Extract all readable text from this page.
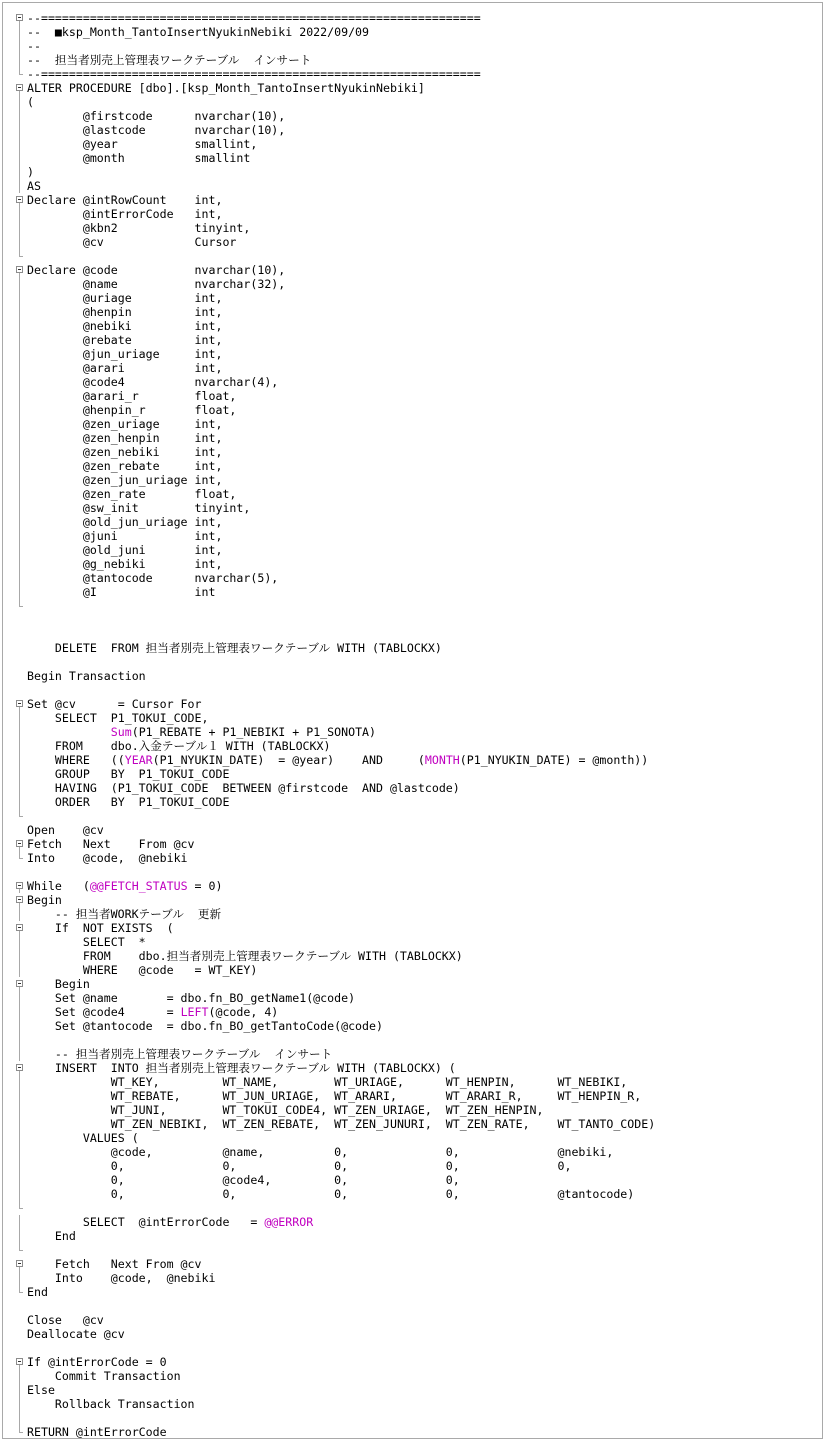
--===============================================================
--  ■ksp_Month_TantoInsertNyukinNebiki 2022/09/09
--
--  担当者別売上管理表ワークテーブル  インサート
--===============================================================
ALTER PROCEDURE [dbo].[ksp_Month_TantoInsertNyukinNebiki]
(
@firstcode      nvarchar(10),
@lastcode       nvarchar(10),
@year           smallint,
@month          smallint
)
AS
Declare @intRowCount    int,
@intErrorCode   int,
@kbn2           tinyint,
@cv             Cursor
Declare @code           nvarchar(10),
@name           nvarchar(32),
@uriage         int,
@henpin         int,
@nebiki         int,
@rebate         int,
@jun_uriage     int,
@arari          int,
@code4          nvarchar(4),
@arari_r        float,
@henpin_r       float,
@zen_uriage     int,
@zen_henpin     int,
@zen_nebiki     int,
@zen_rebate     int,
@zen_jun_uriage int,
@zen_rate       float,
@sw_init        tinyint,
@old_jun_uriage int,
@juni           int,
@old_juni       int,
@g_nebiki       int,
@tantocode      nvarchar(5),
@I              int
DELETE  FROM 担当者別売上管理表ワークテーブル WITH (TABLOCKX)
Begin Transaction
Set @cv      = Cursor For
SELECT  P1_TOKUI_CODE,
Sum(P1_REBATE + P1_NEBIKI + P1_SONOTA)
FROM    dbo.入金テーブル１ WITH (TABLOCKX)
WHERE   ((YEAR(P1_NYUKIN_DATE)  = @year)    AND     (MONTH(P1_NYUKIN_DATE) = @month))
GROUP   BY  P1_TOKUI_CODE
HAVING  (P1_TOKUI_CODE  BETWEEN @firstcode  AND @lastcode)
ORDER   BY  P1_TOKUI_CODE
Open    @cv
Fetch   Next    From @cv
Into    @code,  @nebiki
While   (@@FETCH_STATUS = 0)
Begin
-- 担当者WORKテーブル  更新
If  NOT EXISTS  (
SELECT  *
FROM    dbo.担当者別売上管理表ワークテーブル WITH (TABLOCKX)
WHERE   @code   = WT_KEY)
Begin
Set @name       = dbo.fn_BO_getName1(@code)
Set @code4      = LEFT(@code, 4)
Set @tantocode  = dbo.fn_BO_getTantoCode(@code)
-- 担当者別売上管理表ワークテーブル  インサート
INSERT  INTO 担当者別売上管理表ワークテーブル WITH (TABLOCKX) (
WT_KEY,         WT_NAME,        WT_URIAGE,      WT_HENPIN,      WT_NEBIKI,
WT_REBATE,      WT_JUN_URIAGE,  WT_ARARI,       WT_ARARI_R,     WT_HENPIN_R,
WT_JUNI,        WT_TOKUI_CODE4, WT_ZEN_URIAGE,  WT_ZEN_HENPIN,
WT_ZEN_NEBIKI,  WT_ZEN_REBATE,  WT_ZEN_JUNURI,  WT_ZEN_RATE,    WT_TANTO_CODE)
VALUES (
@code,          @name,          0,              0,              @nebiki,
0,              0,              0,              0,              0,
0,              @code4,         0,              0,
0,              0,              0,              0,              @tantocode)
SELECT  @intErrorCode   = @@ERROR
End
Fetch   Next From @cv
Into    @code,  @nebiki
End
Close   @cv
Deallocate @cv
If @intErrorCode = 0
Commit Transaction
Else
Rollback Transaction
RETURN @intErrorCode
